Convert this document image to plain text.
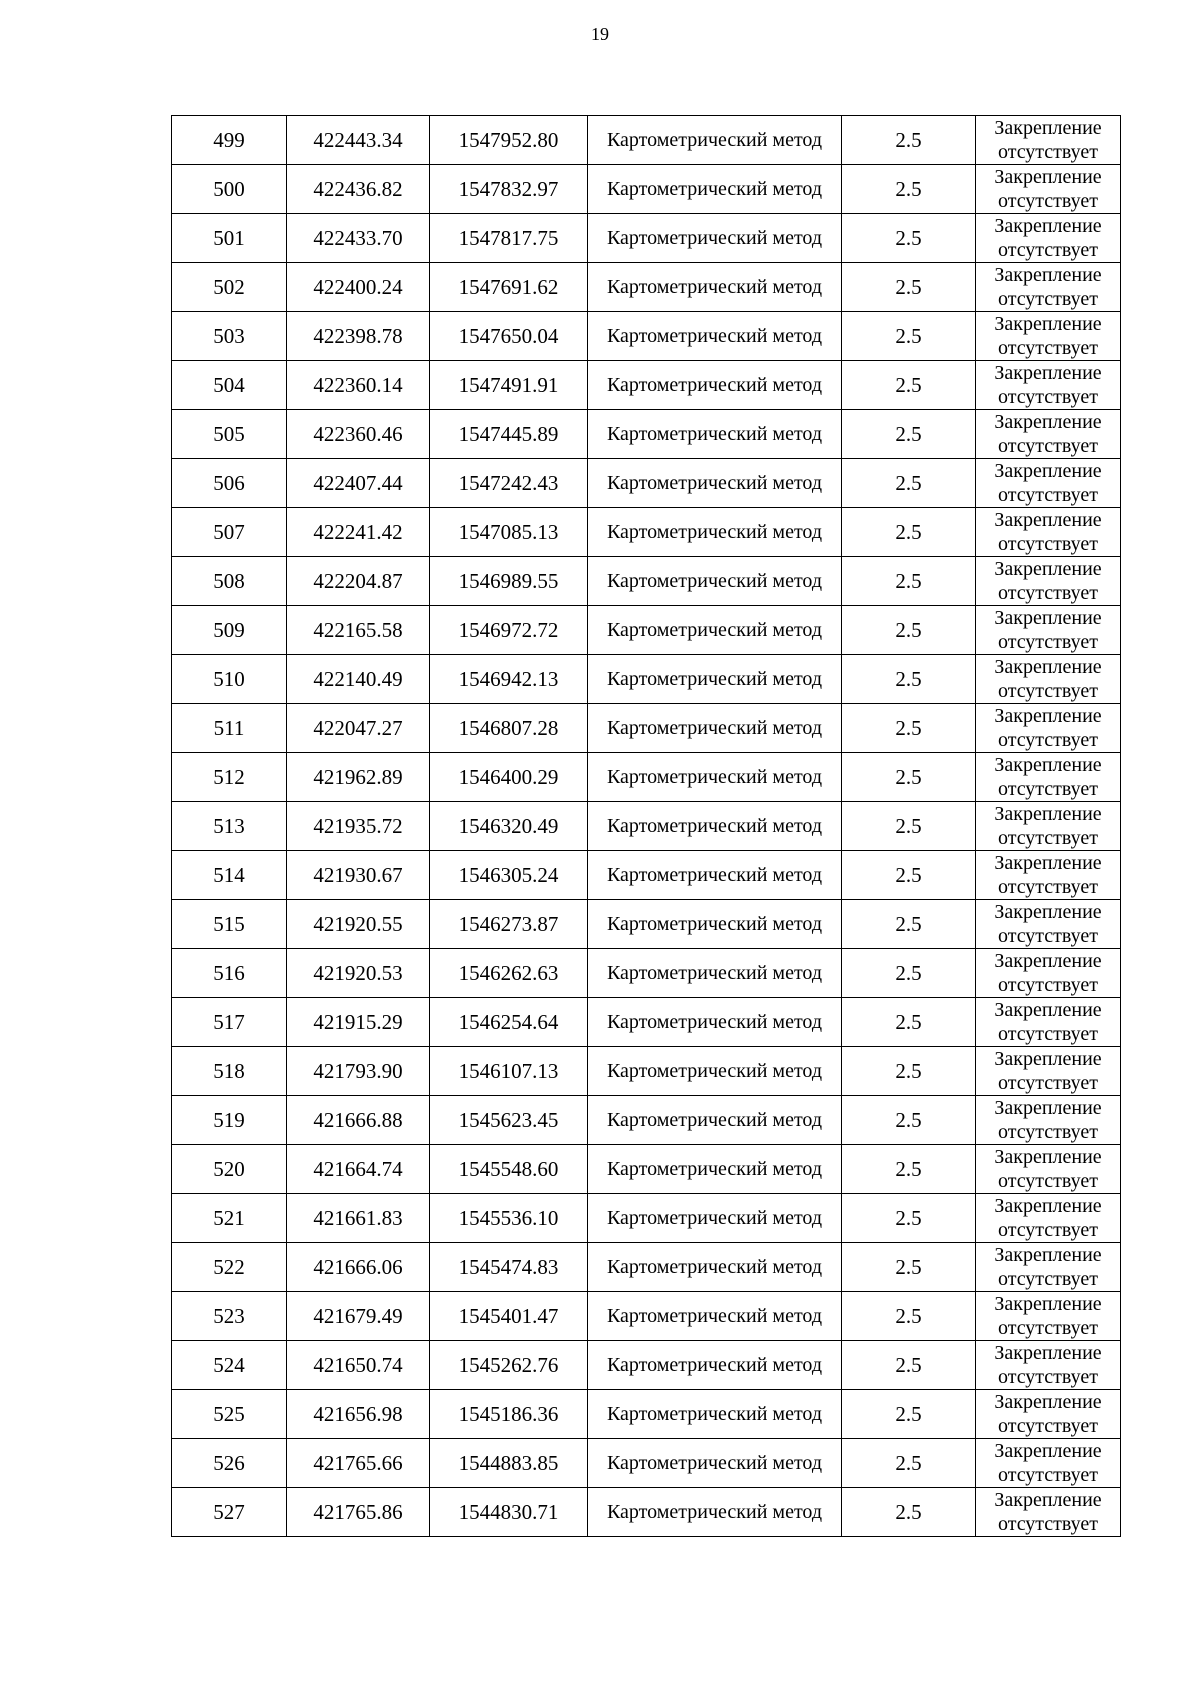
19
499	422443.34	1547952.80	Картометрический метод	2.5	Закрепление
отсутствует

500	422436.82	1547832.97	Картометрический метод	2.5	Закрепление
отсутствует

501	422433.70	1547817.75	Картометрический метод	2.5	Закрепление
отсутствует

502	422400.24	1547691.62	Картометрический метод	2.5	Закрепление
отсутствует

503	422398.78	1547650.04	Картометрический метод	2.5	Закрепление
отсутствует

504	422360.14	1547491.91	Картометрический метод	2.5	Закрепление
отсутствует

505	422360.46	1547445.89	Картометрический метод	2.5	Закрепление
отсутствует

506	422407.44	1547242.43	Картометрический метод	2.5	Закрепление
отсутствует

507	422241.42	1547085.13	Картометрический метод	2.5	Закрепление
отсутствует

508	422204.87	1546989.55	Картометрический метод	2.5	Закрепление
отсутствует

509	422165.58	1546972.72	Картометрический метод	2.5	Закрепление
отсутствует

510	422140.49	1546942.13	Картометрический метод	2.5	Закрепление
отсутствует

511	422047.27	1546807.28	Картометрический метод	2.5	Закрепление
отсутствует

512	421962.89	1546400.29	Картометрический метод	2.5	Закрепление
отсутствует

513	421935.72	1546320.49	Картометрический метод	2.5	Закрепление
отсутствует

514	421930.67	1546305.24	Картометрический метод	2.5	Закрепление
отсутствует

515	421920.55	1546273.87	Картометрический метод	2.5	Закрепление
отсутствует

516	421920.53	1546262.63	Картометрический метод	2.5	Закрепление
отсутствует

517	421915.29	1546254.64	Картометрический метод	2.5	Закрепление
отсутствует

518	421793.90	1546107.13	Картометрический метод	2.5	Закрепление
отсутствует

519	421666.88	1545623.45	Картометрический метод	2.5	Закрепление
отсутствует

520	421664.74	1545548.60	Картометрический метод	2.5	Закрепление
отсутствует

521	421661.83	1545536.10	Картометрический метод	2.5	Закрепление
отсутствует

522	421666.06	1545474.83	Картометрический метод	2.5	Закрепление
отсутствует

523	421679.49	1545401.47	Картометрический метод	2.5	Закрепление
отсутствует

524	421650.74	1545262.76	Картометрический метод	2.5	Закрепление
отсутствует

525	421656.98	1545186.36	Картометрический метод	2.5	Закрепление
отсутствует

526	421765.66	1544883.85	Картометрический метод	2.5	Закрепление
отсутствует

527	421765.86	1544830.71	Картометрический метод	2.5	Закрепление
отсутствует
